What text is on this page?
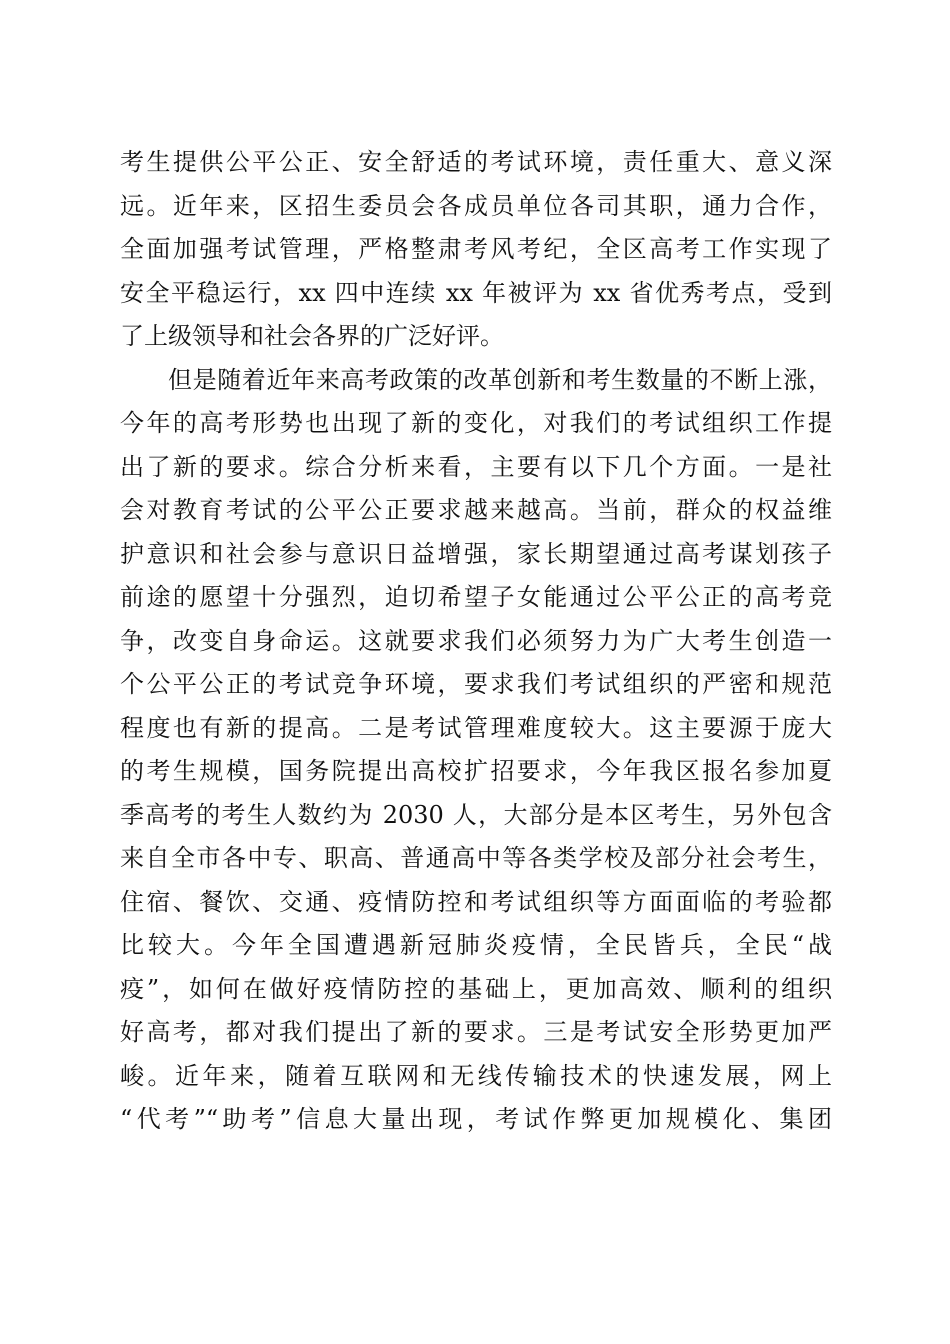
考生提供公平公正、安全舒适的考试环境，责任重大、意义深
远。近年来，区招生委员会各成员单位各司其职，通力合作，
全面加强考试管理，严格整肃考风考纪，全区高考工作实现了
安全平稳运行，xx 四中连续 xx 年被评为 xx 省优秀考点，受到
了上级领导和社会各界的广泛好评。
但是随着近年来高考政策的改革创新和考生数量的不断上涨，
今年的高考形势也出现了新的变化，对我们的考试组织工作提
出了新的要求。综合分析来看，主要有以下几个方面。一是社
会对教育考试的公平公正要求越来越高。当前，群众的权益维
护意识和社会参与意识日益增强，家长期望通过高考谋划孩子
前途的愿望十分强烈，迫切希望子女能通过公平公正的高考竞
争，改变自身命运。这就要求我们必须努力为广大考生创造一
个公平公正的考试竞争环境，要求我们考试组织的严密和规范
程度也有新的提高。二是考试管理难度较大。这主要源于庞大
的考生规模，国务院提出高校扩招要求，今年我区报名参加夏
季高考的考生人数约为 2030 人，大部分是本区考生，另外包含
来自全市各中专、职高、普通高中等各类学校及部分社会考生，
住宿、餐饮、交通、疫情防控和考试组织等方面面临的考验都
比较大。今年全国遭遇新冠肺炎疫情，全民皆兵，全民“战
疫”，如何在做好疫情防控的基础上，更加高效、顺利的组织
好高考，都对我们提出了新的要求。三是考试安全形势更加严
峻。近年来，随着互联网和无线传输技术的快速发展，网上
“代考”“助考”信息大量出现，考试作弊更加规模化、集团
